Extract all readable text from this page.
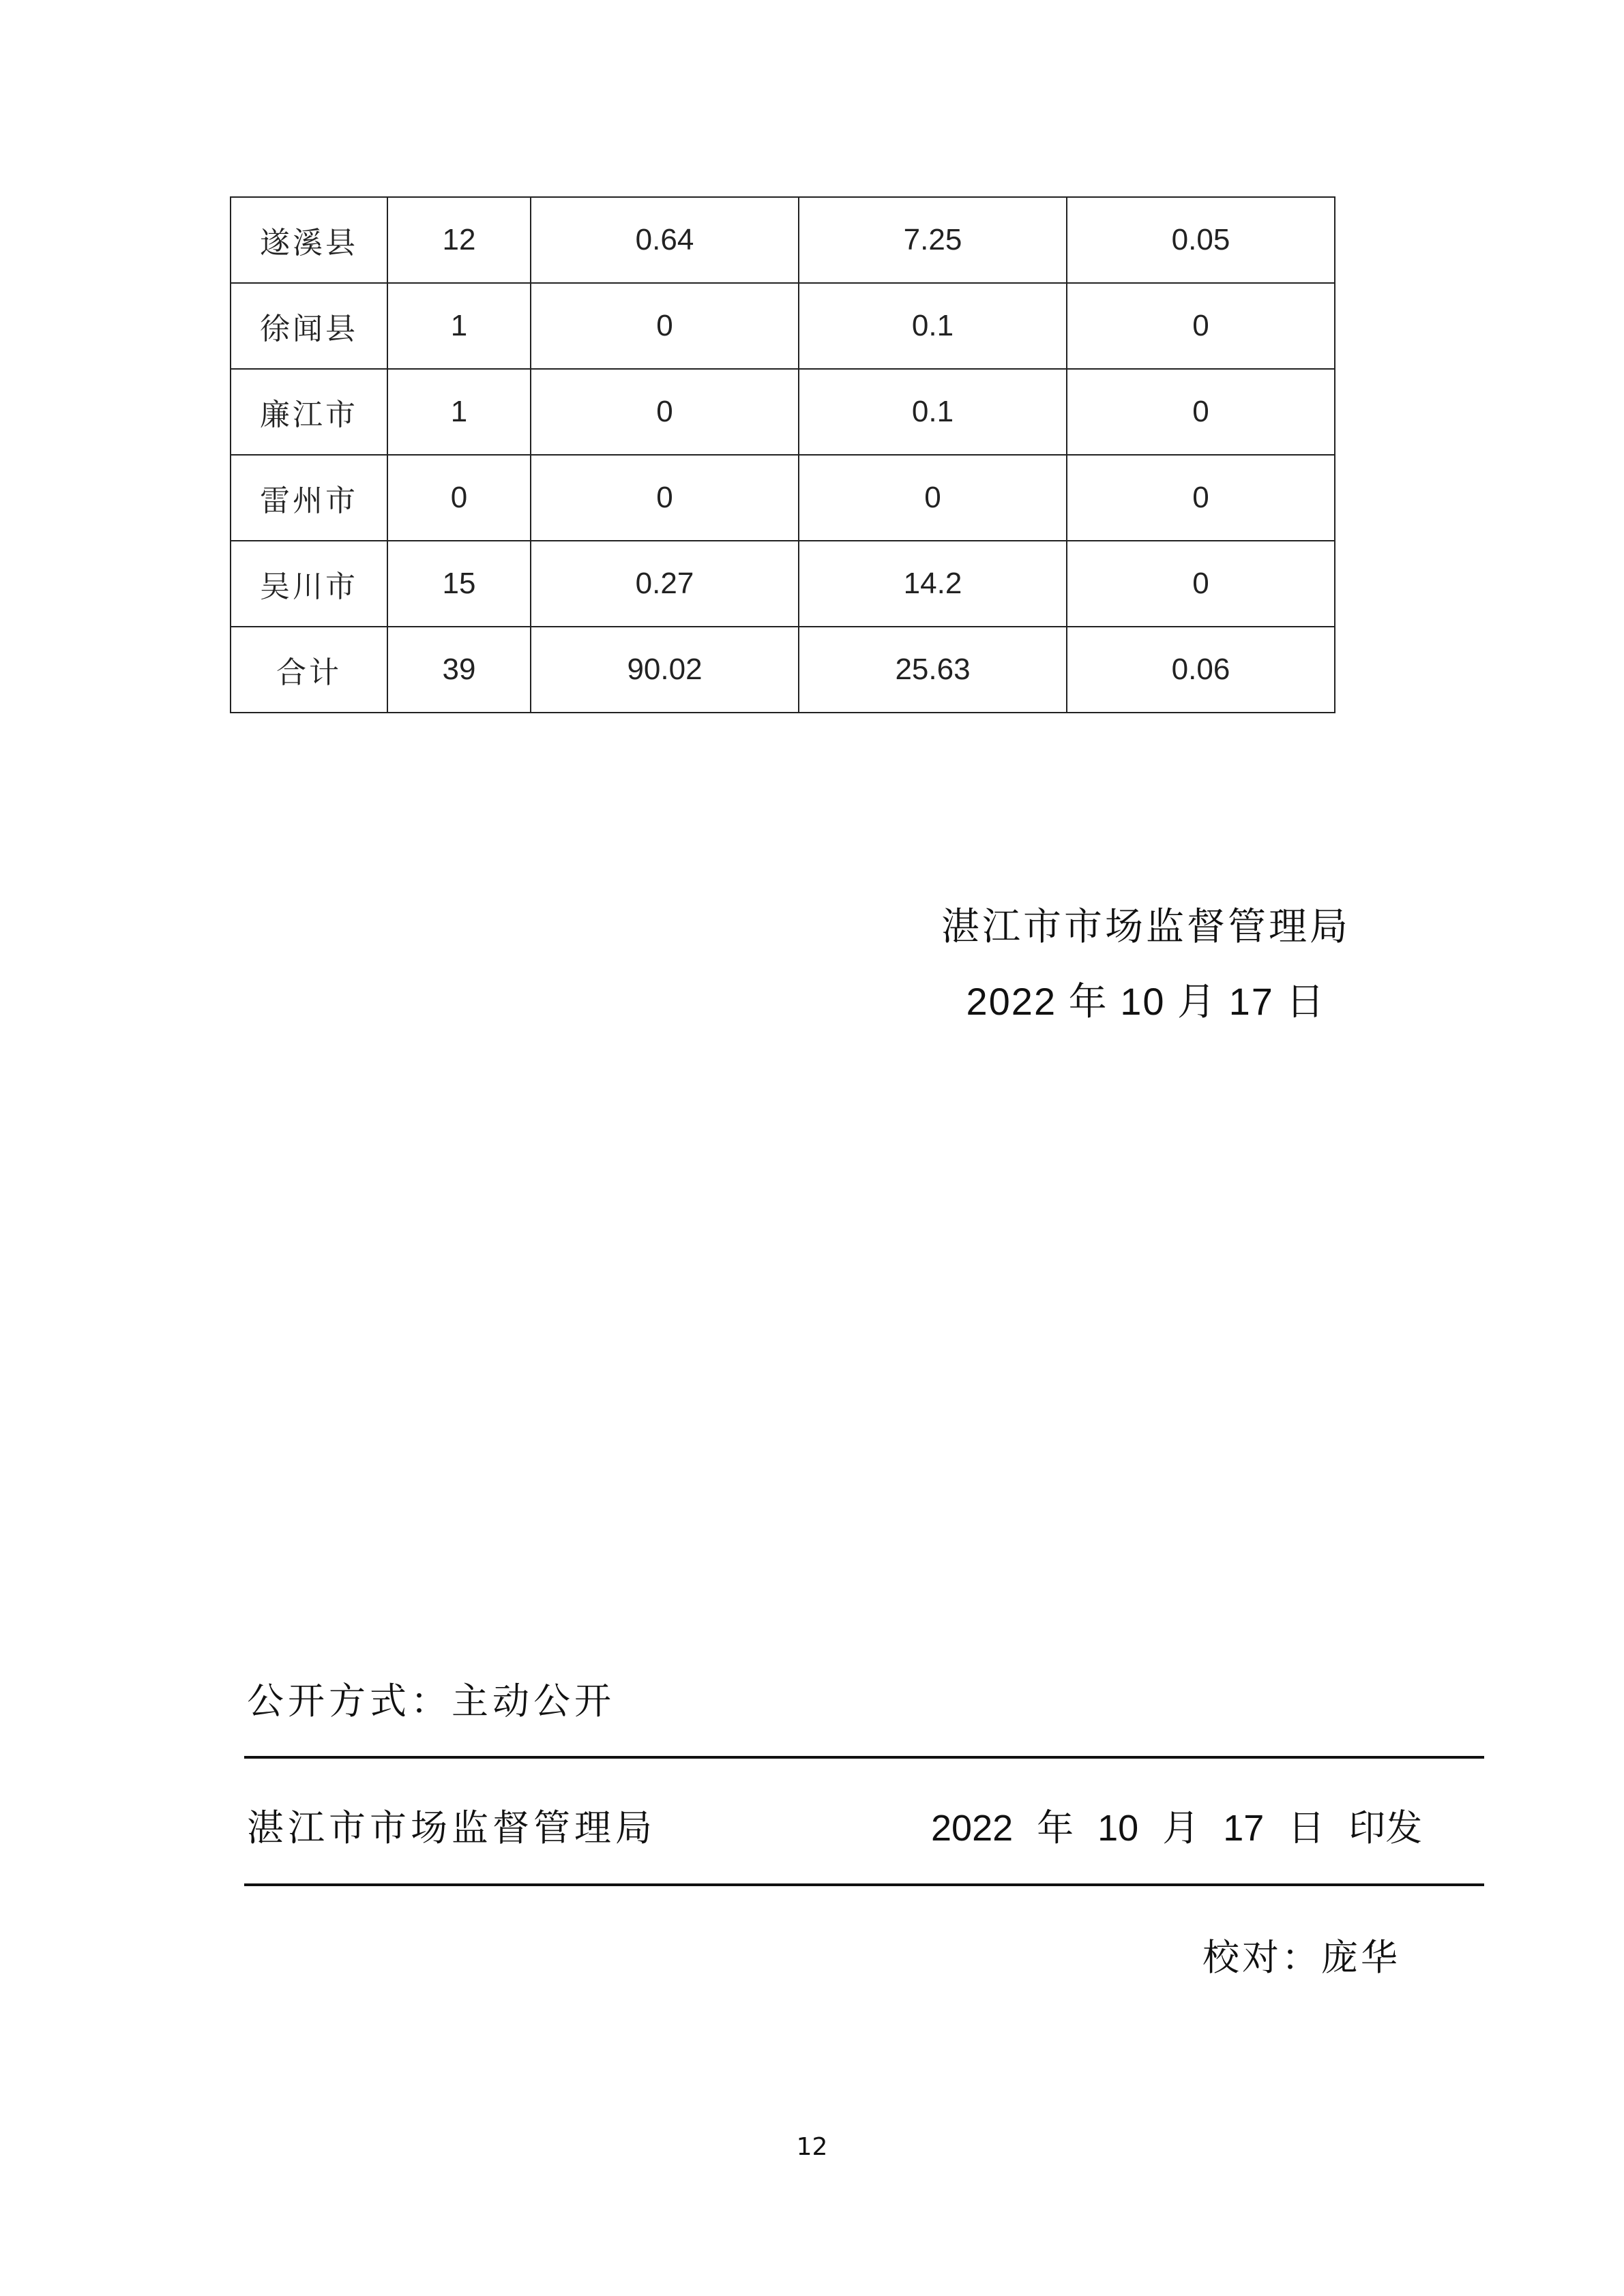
遂溪县	12	0.64	7.25	0.05
徐闻县	1	0	0.1	0
廉江市	1	0	0.1	0
雷州市	0	0	0	0
吴川市	15	0.27	14.2	0
合计	39	90.02	25.63	0.06
湛江市市场监督管理局
2022 年 10 月 17 日
公开方式：主动公开
湛江市市场监督管理局	2022 年 10 月 17 日 印发
校对：庞华
12
